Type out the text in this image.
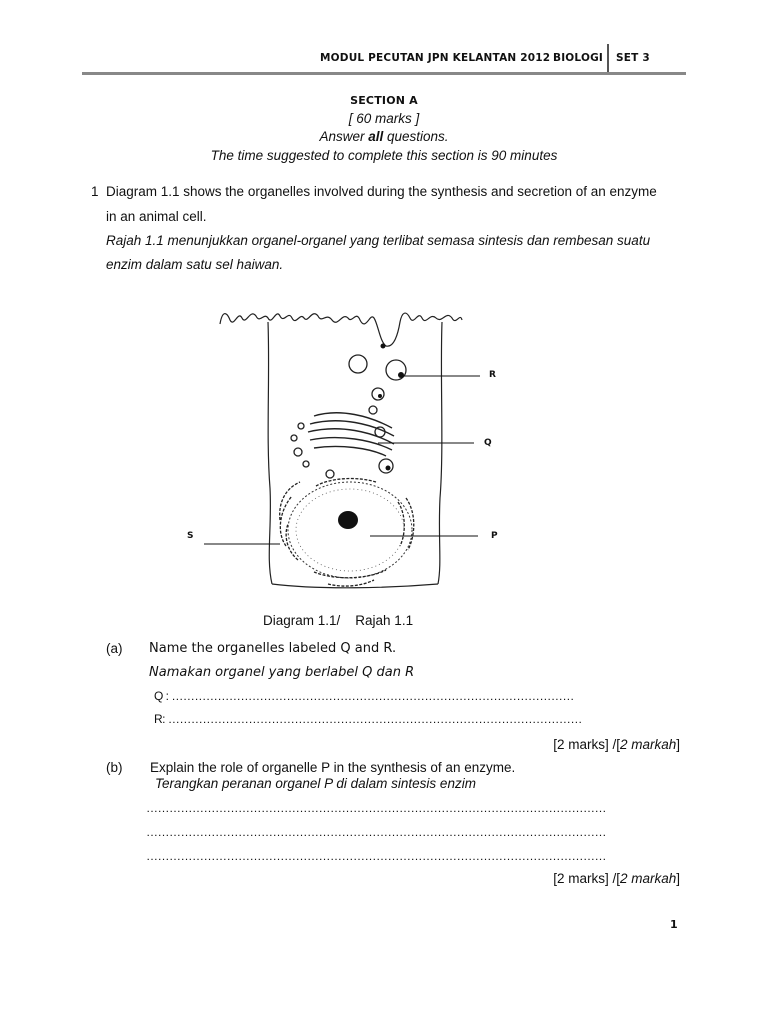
MODUL PECUTAN JPN KELANTAN 2012 BIOLOGI SET 3
SECTION A
[ 60 marks ]
Answer all questions.
The time suggested to complete this section is 90 minutes
1 Diagram 1.1 shows the organelles involved during the synthesis and secretion of an enzyme
in an animal cell.
Rajah 1.1 menunjukkan organel-organel yang terlibat semasa sintesis dan rembesan suatu
enzim dalam satu sel haiwan.
R
Q
S	P
Diagram 1.1/    Rajah 1.1
(a) Name the organelles labeled Q and R.
Namakan organel yang berlabel Q dan R
Q : ……………………………………………………………………………………………
R: ………………………………………………………………………………………………
[2 marks] /[2 markah]
(b) Explain the role of organelle P in the synthesis of an enzyme.
Terangkan peranan organel P di dalam sintesis enzim
…………………………………………………………………………………………………………
…………………………………………………………………………………………………………
…………………………………………………………………………………………………………
[2 marks] /[2 markah]
1
